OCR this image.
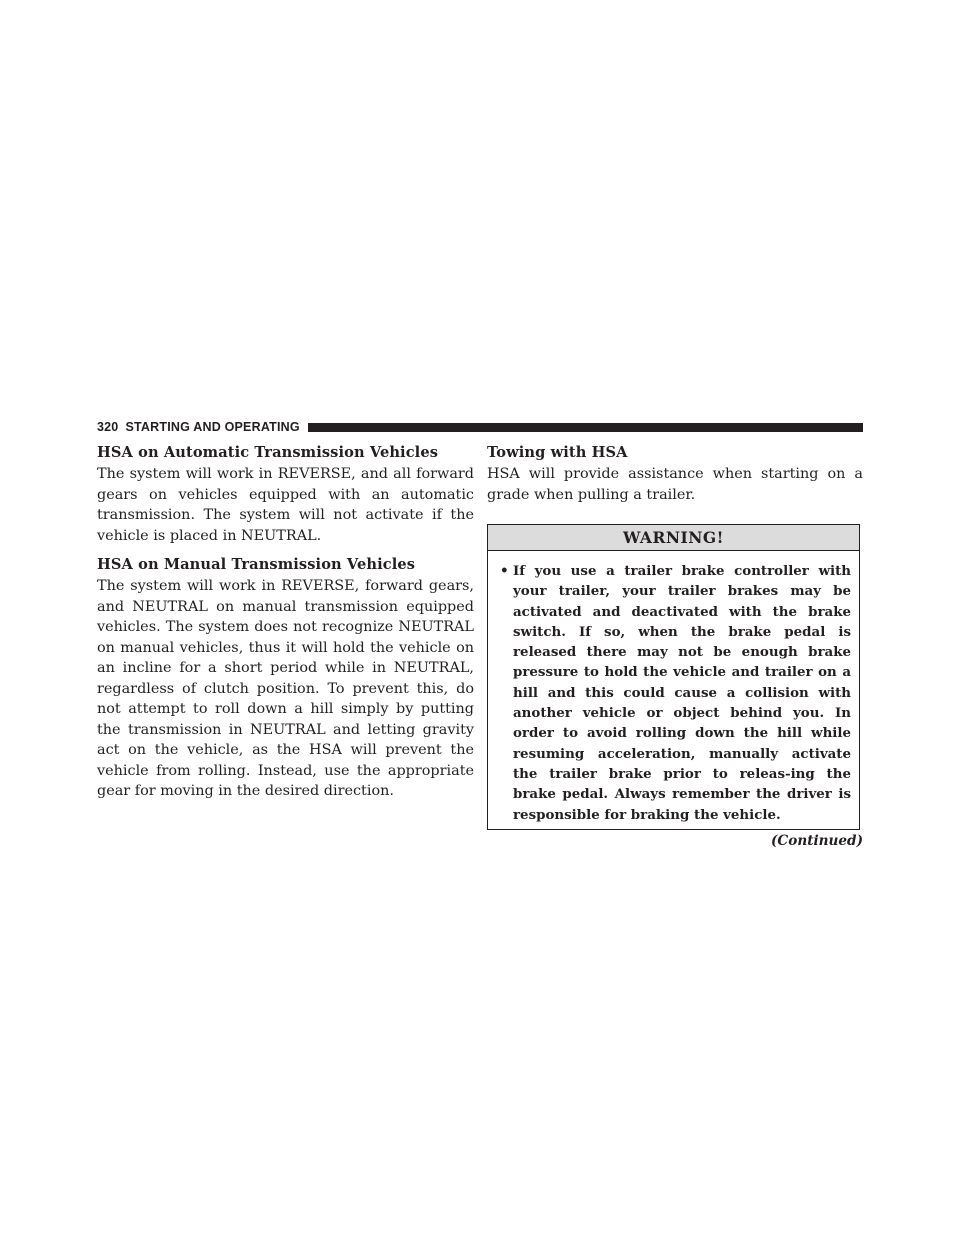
320 STARTING AND OPERATING
HSA on Automatic Transmission Vehicles

The system will work in REVERSE, and all forward gears on vehicles equipped with an automatic transmission. The system will not activate if the vehicle is placed in NEUTRAL.

HSA on Manual Transmission Vehicles

The system will work in REVERSE, forward gears, and NEUTRAL on manual transmission equipped vehicles. The system does not recognize NEUTRAL on manual vehicles, thus it will hold the vehicle on an incline for a short period while in NEUTRAL, regardless of clutch position. To prevent this, do not attempt to roll down a hill simply by putting the transmission in NEUTRAL and letting gravity act on the vehicle, as the HSA will prevent the vehicle from rolling. Instead, use the appropriate gear for moving in the desired direction.

Towing with HSA

HSA will provide assistance when starting on a grade when pulling a trailer.

WARNING!
• If you use a trailer brake controller with your trailer, your trailer brakes may be activated and deactivated with the brake switch. If so, when the brake pedal is released there may not be enough brake pressure to hold the vehicle and trailer on a hill and this could cause a collision with another vehicle or object behind you. In order to avoid rolling down the hill while resuming acceleration, manually activate the trailer brake prior to releas-ing the brake pedal. Always remember the driver is responsible for braking the vehicle.
(Continued)
